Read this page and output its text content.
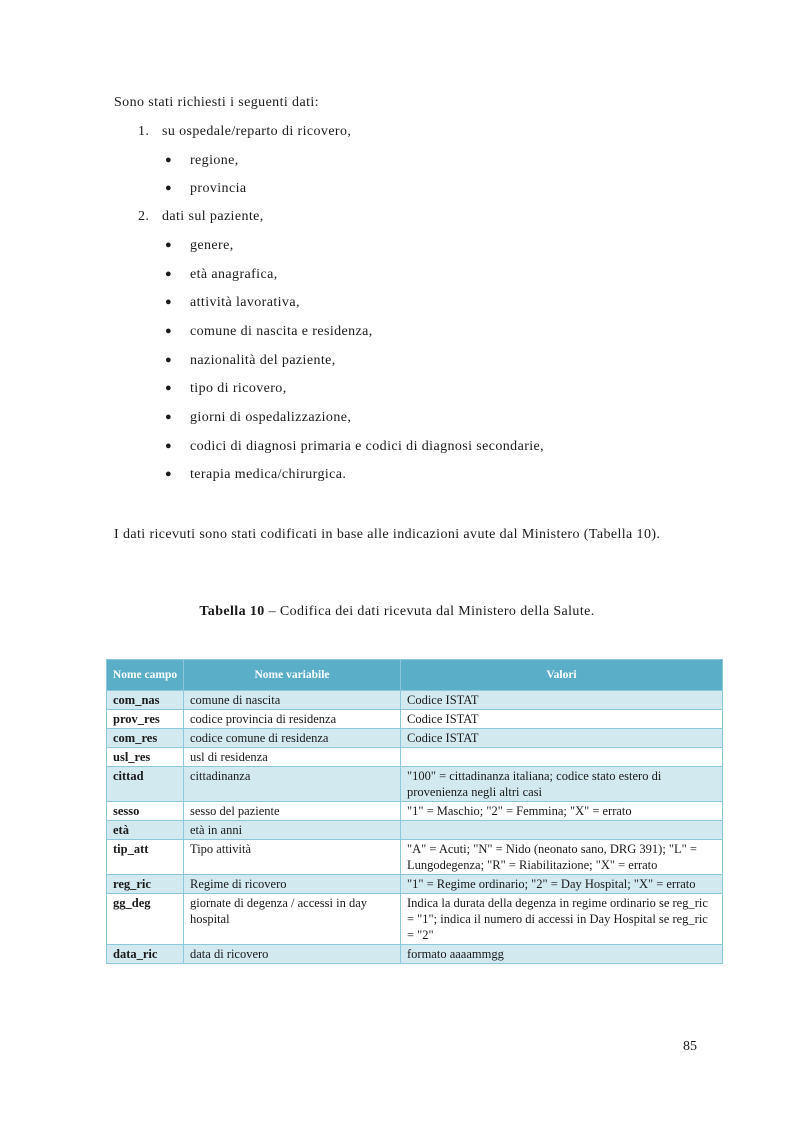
Sono stati richiesti i seguenti dati:
1. su ospedale/reparto di ricovero,
● regione,
● provincia
2. dati sul paziente,
● genere,
● età anagrafica,
● attività lavorativa,
● comune di nascita e residenza,
● nazionalità del paziente,
● tipo di ricovero,
● giorni di ospedalizzazione,
● codici di diagnosi primaria e codici di diagnosi secondarie,
● terapia medica/chirurgica.
I dati ricevuti sono stati codificati in base alle indicazioni avute dal Ministero (Tabella 10).
Tabella 10 – Codifica dei dati ricevuta dal Ministero della Salute.
Nome campo	Nome variabile	Valori
com_nas	comune di nascita	Codice ISTAT
prov_res	codice provincia di residenza	Codice ISTAT
com_res	codice comune di residenza	Codice ISTAT
usl_res	usl di residenza	
cittad	cittadinanza	"100" = cittadinanza italiana; codice stato estero di provenienza negli altri casi
sesso	sesso del paziente	"1" = Maschio; "2" = Femmina; "X" = errato
età	età in anni	
tip_att	Tipo attività	"A" = Acuti; "N" = Nido (neonato sano, DRG 391); "L" = Lungodegenza; "R" = Riabilitazione; "X" = errato
reg_ric	Regime di ricovero	"1" = Regime ordinario; "2" = Day Hospital; "X" = errato
gg_deg	giornate di degenza / accessi in day hospital	Indica la durata della degenza in regime ordinario se reg_ric = "1"; indica il numero di accessi in Day Hospital se reg_ric = "2"
data_ric	data di ricovero	formato aaaammgg
85
